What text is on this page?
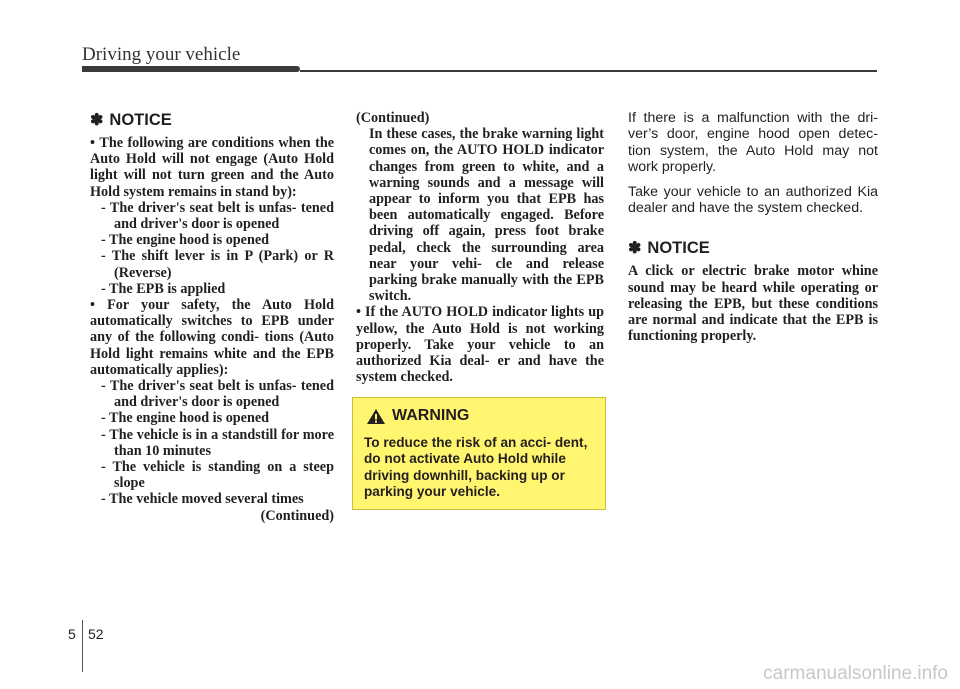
Driving your vehicle
✽ NOTICE
• The following are conditions when the Auto Hold will not engage (Auto Hold light will not turn green and the Auto Hold system remains in stand by):
- The driver's seat belt is unfas- tened and driver's door is opened
- The engine hood is opened
- The shift lever is in P (Park) or R (Reverse)
- The EPB is applied
• For your safety, the Auto Hold automatically switches to EPB under any of the following condi- tions (Auto Hold light remains white and the EPB automatically applies):
- The driver's seat belt is unfas- tened and driver's door is opened
- The engine hood is opened
- The vehicle is in a standstill for more than 10 minutes
- The vehicle is standing on a steep slope
- The vehicle moved several times
(Continued)
(Continued)
In these cases, the brake warning light comes on, the AUTO HOLD indicator changes from green to white, and a warning sounds and a message will appear to inform you that EPB has been automatically engaged. Before driving off again, press foot brake pedal, check the surrounding area near your vehi- cle and release parking brake manually with the EPB switch.
• If the AUTO HOLD indicator lights up yellow, the Auto Hold is not working properly. Take your vehicle to an authorized Kia deal- er and have the system checked.
WARNING
To reduce the risk of an acci- dent, do not activate Auto Hold while driving downhill, backing up or parking your vehicle.

If there is a malfunction with the dri- ver’s door, engine hood open detec- tion system, the Auto Hold may not work properly.

Take your vehicle to an authorized Kia dealer and have the system checked.

✽ NOTICE
A click or electric brake motor whine sound may be heard while operating or releasing the EPB, but these conditions are normal and indicate that the EPB is functioning properly.
5 52
carmanualsonline.info
